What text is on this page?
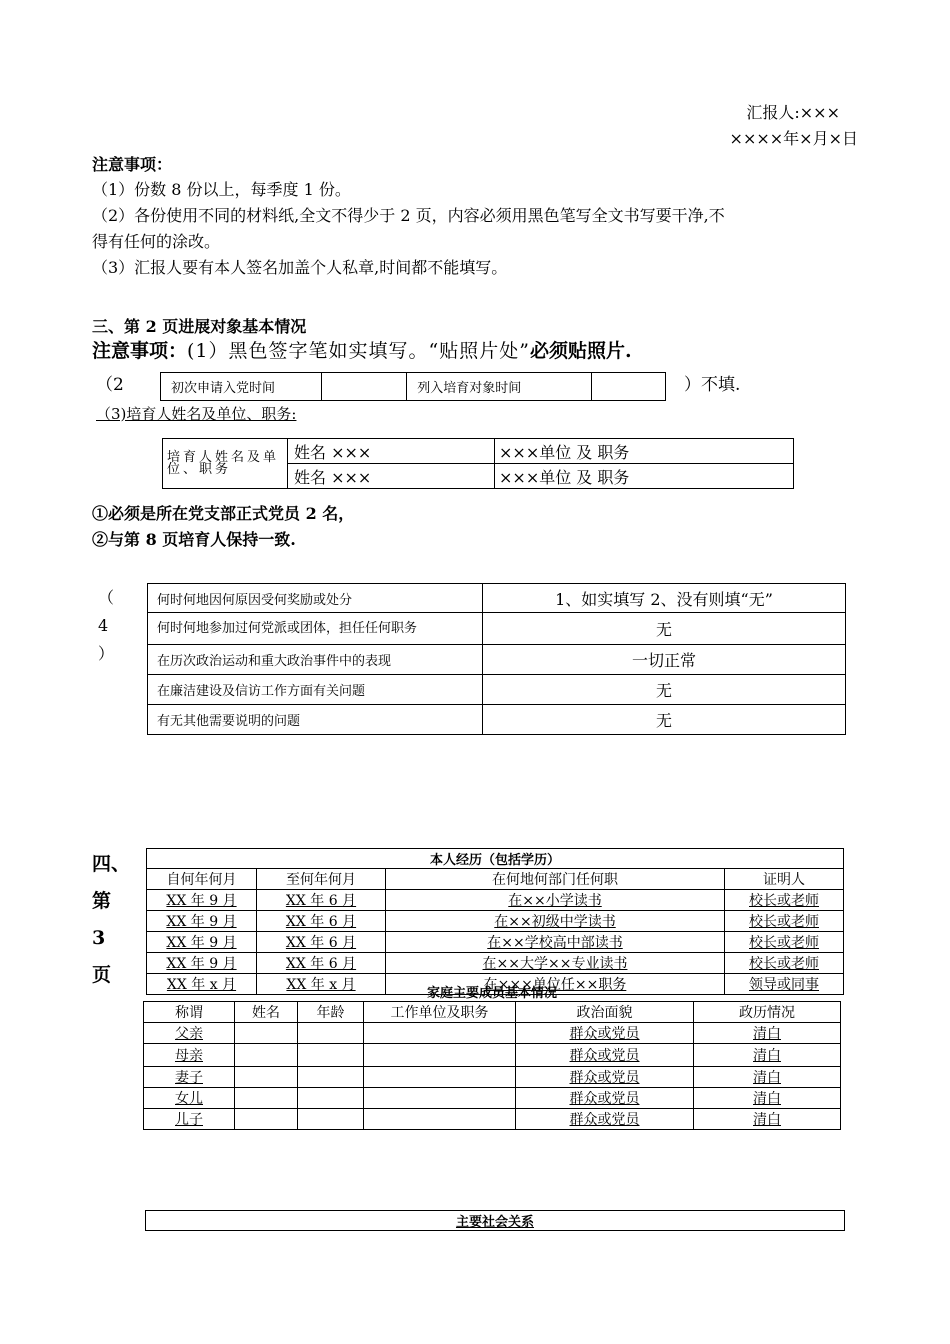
汇报人:×××
××××年×月×日
注意事项：
（1）份数 8 份以上，每季度 1 份。
（2）各份使用不同的材料纸,全文不得少于 2 页，内容必须用黑色笔写全文书写要干净,不
得有任何的涂改。
（3）汇报人要有本人签名加盖个人私章,时间都不能填写。
三、第 2 页进展对象基本情况
注意事项：(1）黑色签字笔如实填写。“贴照片处”必须贴照片.
（2	初次申请入党时间		列入培育对象时间		）不填.
（3)培育人姓名及单位、职务:
培育人姓名及单位、职务	姓名 ×××	×××单位 及 职务
	姓名 ×××	×××单位 及 职务
①必须是所在党支部正式党员 2 名，
②与第 8 页培育人保持一致.
（ 4 ）
何时何地因何原因受何奖励或处分	1、如实填写 2、没有则填“无”
何时何地参加过何党派或团体，担任任何职务	无
在历次政治运动和重大政治事件中的表现	一切正常
在廉洁建设及信访工作方面有关问题	无
有无其他需要说明的问题	无
四、
第
3
页
本人经历（包括学历）			
自何年何月	至何年何月	在何地何部门任何职	证明人
XX 年 9 月	XX 年 6 月	在××小学读书	校长或老师
XX 年 9 月	XX 年 6 月	在××初级中学读书	校长或老师
XX 年 9 月	XX 年 6 月	在××学校高中部读书	校长或老师
XX 年 9 月	XX 年 6 月	在××大学××专业读书	校长或老师
XX 年 x 月	XX 年 x 月	在×××单位任××职务	领导或同事
家庭主要成员基本情况
称谓	姓名	年龄	工作单位及职务	政治面貌	政历情况
父亲				群众或党员	清白
母亲				群众或党员	清白
妻子				群众或党员	清白
女儿				群众或党员	清白
儿子				群众或党员	清白
主要社会关系
